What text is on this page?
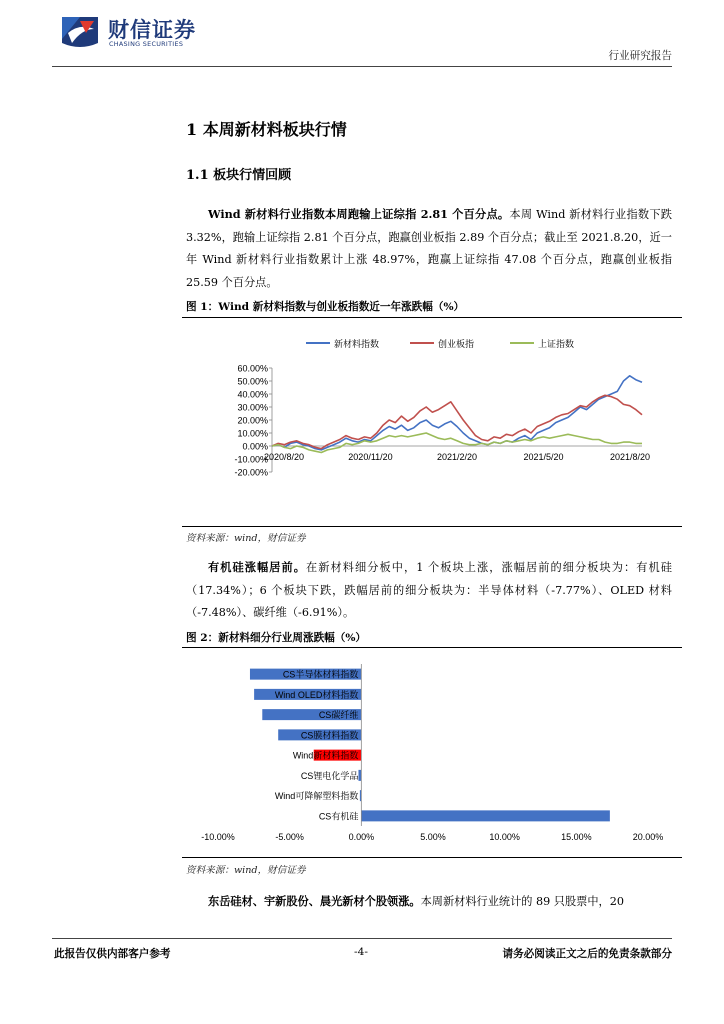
财信证券
CHASING SECURITIES
行业研究报告
1 本周新材料板块行情
1.1 板块行情回顾
Wind 新材料行业指数本周跑输上证综指 2.81 个百分点。本周 Wind 新材料行业指数下跌 3.32%，跑输上证综指 2.81 个百分点，跑赢创业板指 2.89 个百分点；截止至 2021.8.20，近一年 Wind 新材料行业指数累计上涨 48.97%，跑赢上证综指 47.08 个百分点，跑赢创业板指 25.59 个百分点。
图 1：Wind 新材料指数与创业板指数近一年涨跌幅（%）
新材料指数	创业板指	上证指数
60.00%
50.00%
40.00%
30.00%
20.00%
10.00%
0.00%
-10.00%
-20.00%
2020/8/20	2020/11/20	2021/2/20	2021/5/20	2021/8/20
资料来源：wind，财信证券
有机硅涨幅居前。在新材料细分板中，1 个板块上涨，涨幅居前的细分板块为：有机硅（17.34%）；6 个板块下跌，跌幅居前的细分板块为：半导体材料（-7.77%）、OLED 材料（-7.48%）、碳纤维（-6.91%）。
图 2：新材料细分行业周涨跌幅（%）
CS半导体材料指数
Wind OLED材料指数
CS碳纤维
CS膜材料指数
Wind新材料指数
CS锂电化学品
Wind可降解塑料指数
CS有机硅
-10.00%	-5.00%	0.00%	5.00%	10.00%	15.00%	20.00%
资料来源：wind，财信证券
东岳硅材、宇新股份、晨光新材个股领涨。本周新材料行业统计的 89 只股票中，20
此报告仅供内部客户参考	-4-	请务必阅读正文之后的免责条款部分
